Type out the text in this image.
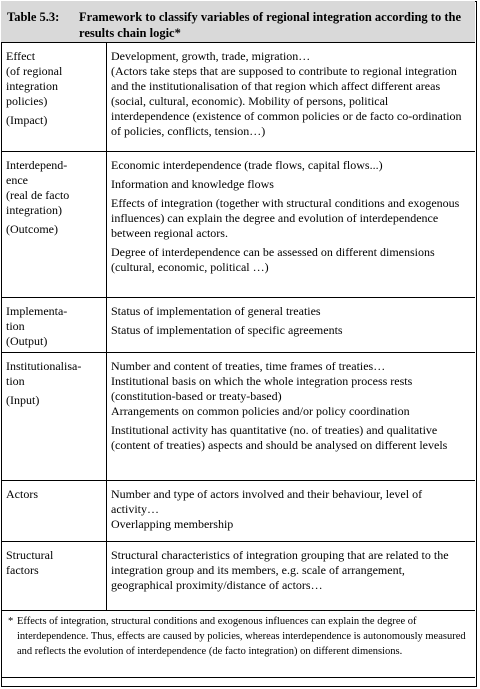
Table 5.3: Framework to classify variables of regional integration according to the results chain logic*
Effect
(of regional
integration
policies)
(Impact)
Development, growth, trade, migration…
(Actors take steps that are supposed to contribute to regional integration and the institutionalisation of that region which affect different areas (social, cultural, economic). Mobility of persons, political interdependence (existence of common policies or de facto co-ordination of policies, conflicts, tension…)
Interdepend-
ence
(real de facto
integration)
(Outcome)
Economic interdependence (trade flows, capital flows...)
Information and knowledge flows
Effects of integration (together with structural conditions and exogenous influences) can explain the degree and evolution of interdependence between regional actors.
Degree of interdependence can be assessed on different dimensions (cultural, economic, political …)
Implementa-
tion
(Output)
Status of implementation of general treaties
Status of implementation of specific agreements
Institutionalisa-
tion
(Input)
Number and content of treaties, time frames of treaties…
Institutional basis on which the whole integration process rests (constitution-based or treaty-based)
Arrangements on common policies and/or policy coordination
Institutional activity has quantitative (no. of treaties) and qualitative (content of treaties) aspects and should be analysed on different levels
Actors	Number and type of actors involved and their behaviour, level of activity…
Overlapping membership
Structural
factors
Structural characteristics of integration grouping that are related to the integration group and its members, e.g. scale of arrangement, geographical proximity/distance of actors…
* Effects of integration, structural conditions and exogenous influences can explain the degree of interdependence. Thus, effects are caused by policies, whereas interdependence is autonomously measured and reflects the evolution of interdependence (de facto integration) on different dimensions.
